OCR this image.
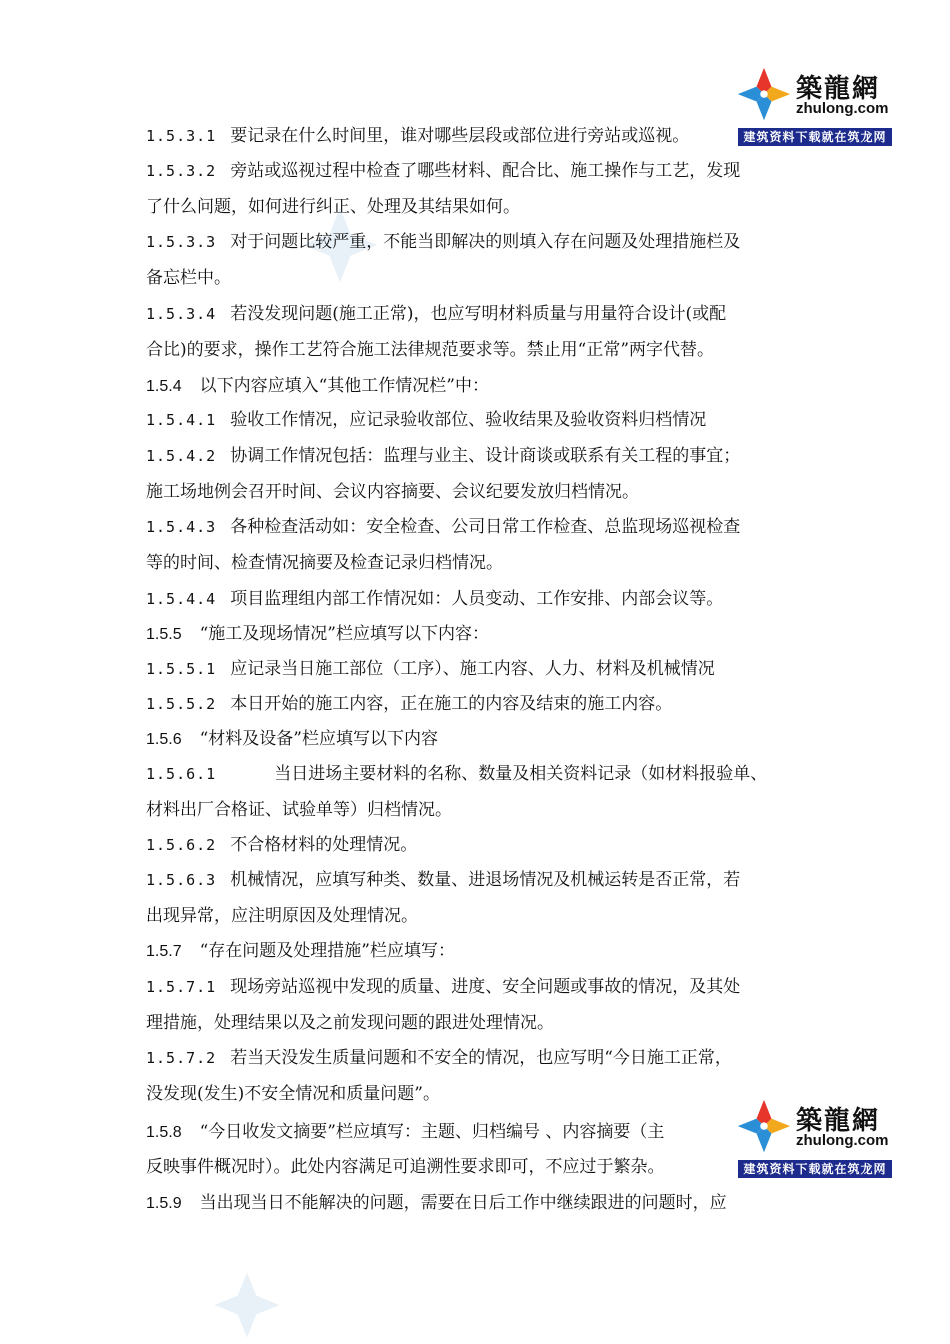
築龍網
zhulong.com
建筑资料下载就在筑龙网
築龍網
zhulong.com
建筑资料下载就在筑龙网
1.5.3.1 要记录在什么时间里，谁对哪些层段或部位进行旁站或巡视。
1.5.3.2 旁站或巡视过程中检查了哪些材料、配合比、施工操作与工艺，发现
了什么问题，如何进行纠正、处理及其结果如何。
1.5.3.3 对于问题比较严重，不能当即解决的则填入存在问题及处理措施栏及
备忘栏中。
1.5.3.4 若没发现问题(施工正常)，也应写明材料质量与用量符合设计(或配
合比)的要求，操作工艺符合施工法律规范要求等。禁止用“正常”两字代替。
1.5.4 以下内容应填入“其他工作情况栏”中：
1.5.4.1 验收工作情况，应记录验收部位、验收结果及验收资料归档情况
1.5.4.2 协调工作情况包括：监理与业主、设计商谈或联系有关工程的事宜；
施工场地例会召开时间、会议内容摘要、会议纪要发放归档情况。
1.5.4.3 各种检查活动如：安全检查、公司日常工作检查、总监现场巡视检查
等的时间、检查情况摘要及检查记录归档情况。
1.5.4.4 项目监理组内部工作情况如：人员变动、工作安排、内部会议等。
1.5.5 “施工及现场情况”栏应填写以下内容：
1.5.5.1 应记录当日施工部位（工序）、施工内容、人力、材料及机械情况
1.5.5.2 本日开始的施工内容，正在施工的内容及结束的施工内容。
1.5.6 “材料及设备”栏应填写以下内容
1.5.6.1	当日进场主要材料的名称、数量及相关资料记录（如材料报验单、
材料出厂合格证、试验单等）归档情况。
1.5.6.2 不合格材料的处理情况。
1.5.6.3 机械情况，应填写种类、数量、进退场情况及机械运转是否正常，若
出现异常，应注明原因及处理情况。
1.5.7 “存在问题及处理措施”栏应填写：
1.5.7.1 现场旁站巡视中发现的质量、进度、安全问题或事故的情况，及其处
理措施，处理结果以及之前发现问题的跟进处理情况。
1.5.7.2 若当天没发生质量问题和不安全的情况，也应写明“今日施工正常，
没发现(发生)不安全情况和质量问题”。
1.5.8 “今日收发文摘要”栏应填写：主题、归档编号 、内容摘要（主
反映事件概况时）。此处内容满足可追溯性要求即可，不应过于繁杂。
1.5.9 当出现当日不能解决的问题，需要在日后工作中继续跟进的问题时，应
